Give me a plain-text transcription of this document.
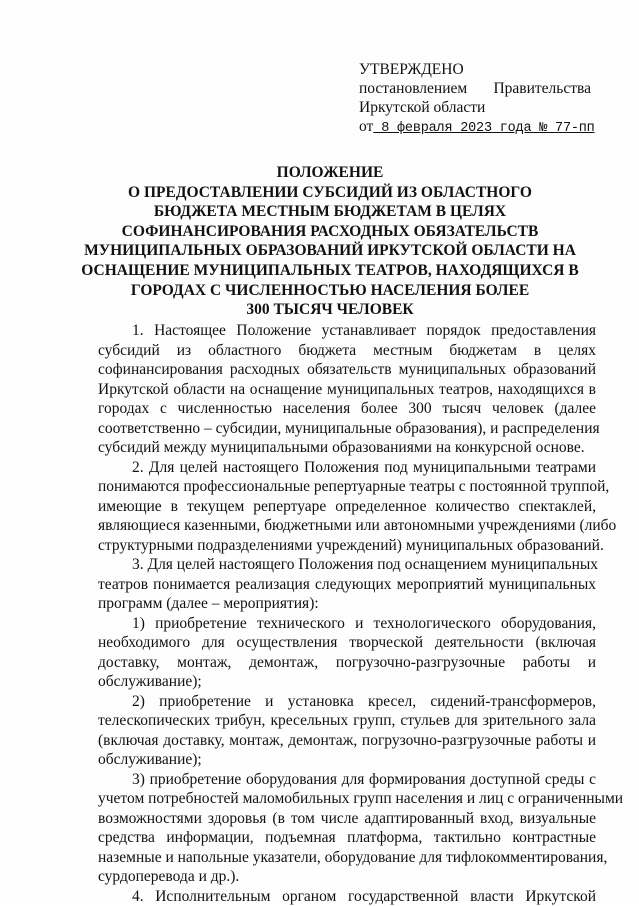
УТВЕРЖДЕНО
постановлением Правительства
Иркутской области
от 8 февраля 2023 года № 77-пп
ПОЛОЖЕНИЕ
О ПРЕДОСТАВЛЕНИИ СУБСИДИЙ ИЗ ОБЛАСТНОГО
БЮДЖЕТА МЕСТНЫМ БЮДЖЕТАМ В ЦЕЛЯХ
СОФИНАНСИРОВАНИЯ РАСХОДНЫХ ОБЯЗАТЕЛЬСТВ
МУНИЦИПАЛЬНЫХ ОБРАЗОВАНИЙ ИРКУТСКОЙ ОБЛАСТИ НА
ОСНАЩЕНИЕ МУНИЦИПАЛЬНЫХ ТЕАТРОВ, НАХОДЯЩИХСЯ В
ГОРОДАХ С ЧИСЛЕННОСТЬЮ НАСЕЛЕНИЯ БОЛЕЕ
300 ТЫСЯЧ ЧЕЛОВЕК
1. Настоящее Положение устанавливает порядок предоставления
субсидий из областного бюджета местным бюджетам в целях
софинансирования расходных обязательств муниципальных образований
Иркутской области на оснащение муниципальных театров, находящихся в
городах с численностью населения более 300 тысяч человек (далее
соответственно – субсидии, муниципальные образования), и распределения
субсидий между муниципальными образованиями на конкурсной основе.
2. Для целей настоящего Положения под муниципальными театрами
понимаются профессиональные репертуарные театры с постоянной труппой,
имеющие в текущем репертуаре определенное количество спектаклей,
являющиеся казенными, бюджетными или автономными учреждениями (либо
структурными подразделениями учреждений) муниципальных образований.
3. Для целей настоящего Положения под оснащением муниципальных
театров понимается реализация следующих мероприятий муниципальных
программ (далее – мероприятия):
1) приобретение технического и технологического оборудования,
необходимого для осуществления творческой деятельности (включая
доставку, монтаж, демонтаж, погрузочно-разгрузочные работы и
обслуживание);
2) приобретение и установка кресел, сидений-трансформеров,
телескопических трибун, кресельных групп, стульев для зрительного зала
(включая доставку, монтаж, демонтаж, погрузочно-разгрузочные работы и
обслуживание);
3) приобретение оборудования для формирования доступной среды с
учетом потребностей маломобильных групп населения и лиц с ограниченными
возможностями здоровья (в том числе адаптированный вход, визуальные
средства информации, подъемная платформа, тактильно контрастные
наземные и напольные указатели, оборудование для тифлокомментирования,
сурдоперевода и др.).
4. Исполнительным органом государственной власти Иркутской
